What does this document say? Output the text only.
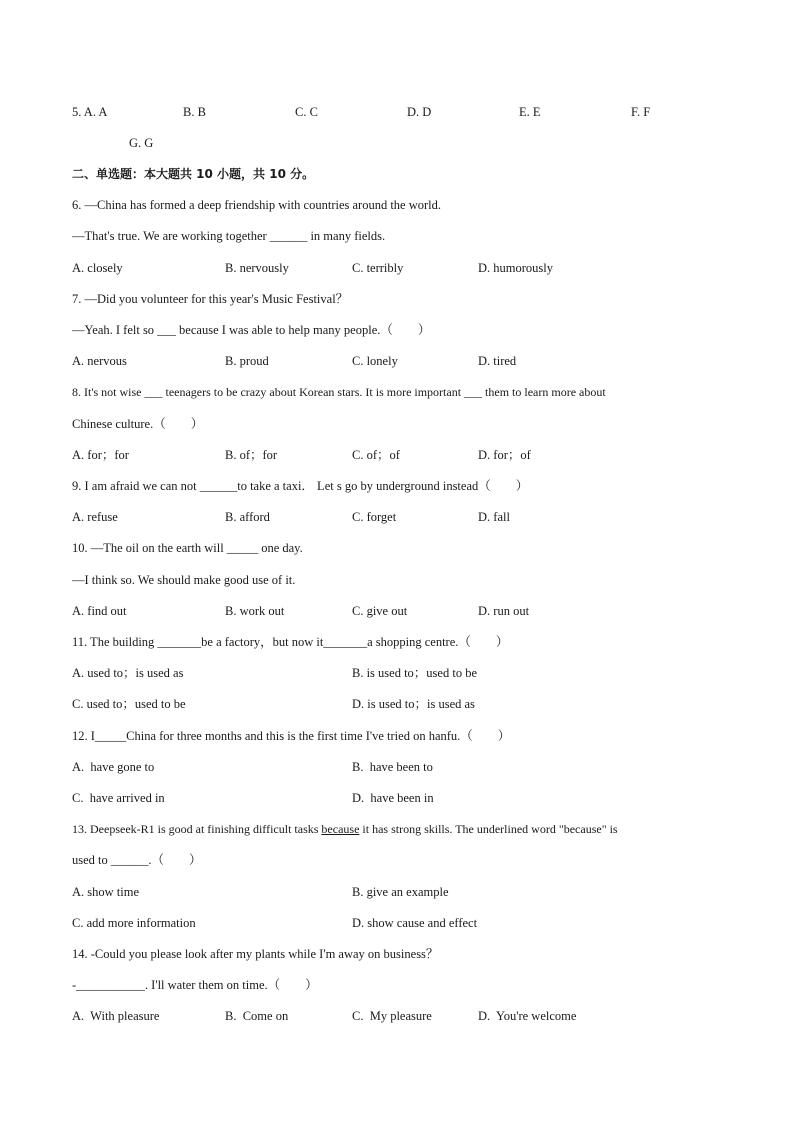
5. A. A	B. B	C. C	D. D	E. E	F. F
G. G
二、单选题：本大题共 10 小题，共 10 分。
6. —China has formed a deep friendship with countries around the world.
—That's true. We are working together ______ in many fields.
A. closely	B. nervously	C. terribly	D. humorously
7. —Did you volunteer for this year's Music Festival？
—Yeah. I felt so ___ because I was able to help many people.（　　）
A. nervous	B. proud	C. lonely	D. tired
8. It's not wise ___ teenagers to be crazy about Korean stars. It is more important ___ them to learn more about
Chinese culture.（　　）
A. for；for	B. of；for	C. of；of	D. for；of
9. I am afraid we can not ______to take a taxi． Let s go by underground instead（　　）
A. refuse	B. afford	C. forget	D. fall
10. —The oil on the earth will _____ one day.
—I think so. We should make good use of it.
A. find out	B. work out	C. give out	D. run out
11. The building _______be a factory，but now it_______a shopping centre.（　　）
A. used to；is used as	B. is used to；used to be
C. used to；used to be	D. is used to；is used as
12. I_____China for three months and this is the first time I've tried on hanfu.（　　）
A.  have gone to	B.  have been to
C.  have arrived in	D.  have been in
13. Deepseek-R1 is good at finishing difficult tasks because it has strong skills. The underlined word "because" is
used to ______.（　　）
A. show time	B. give an example
C. add more information	D. show cause and effect
14. -Could you please look after my plants while I'm away on business？
-___________. I'll water them on time.（　　）
A.  With pleasure	B.  Come on	C.  My pleasure	D.  You're welcome
